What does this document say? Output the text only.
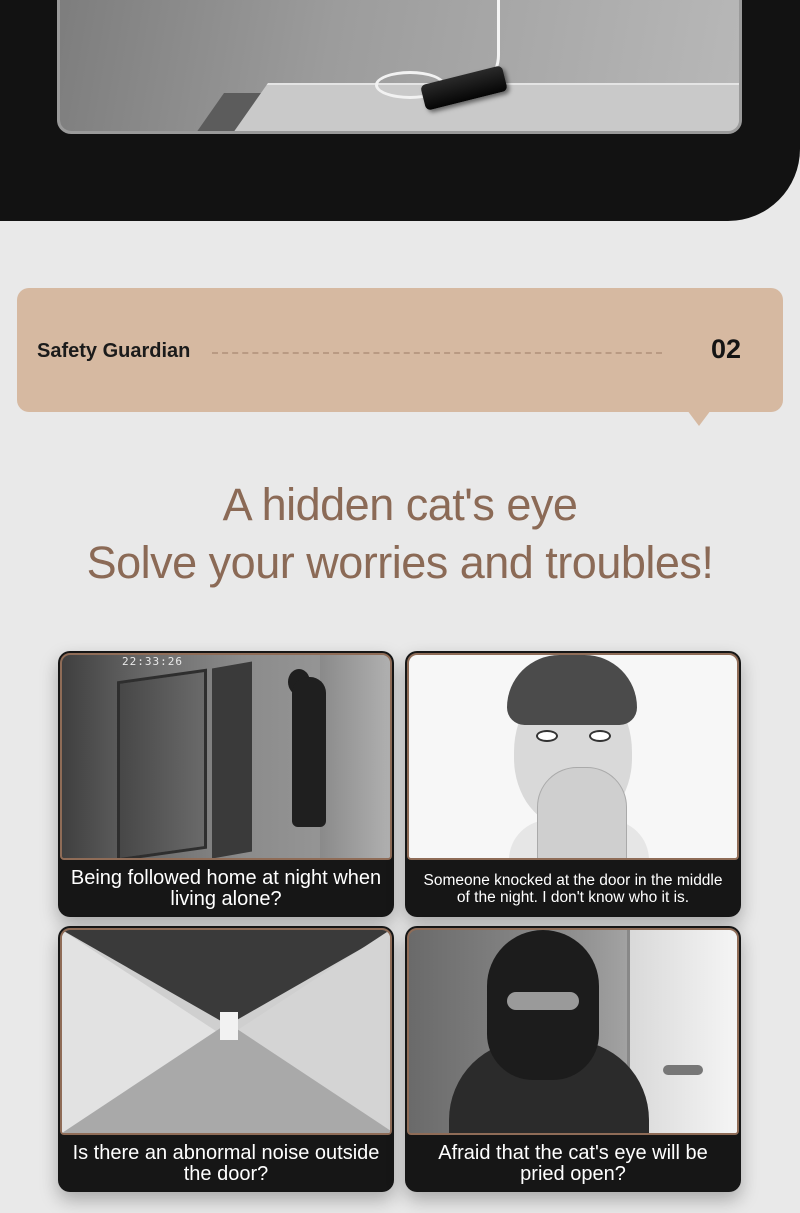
Safety Guardian	02
A hidden cat's eye
Solve your worries and troubles!
22:33:26
Being followed home at night when living alone?
Someone knocked at the door in the middle of the night. I don't know who it is.
Is there an abnormal noise outside the door?
Afraid that the cat's eye will be pried open?
